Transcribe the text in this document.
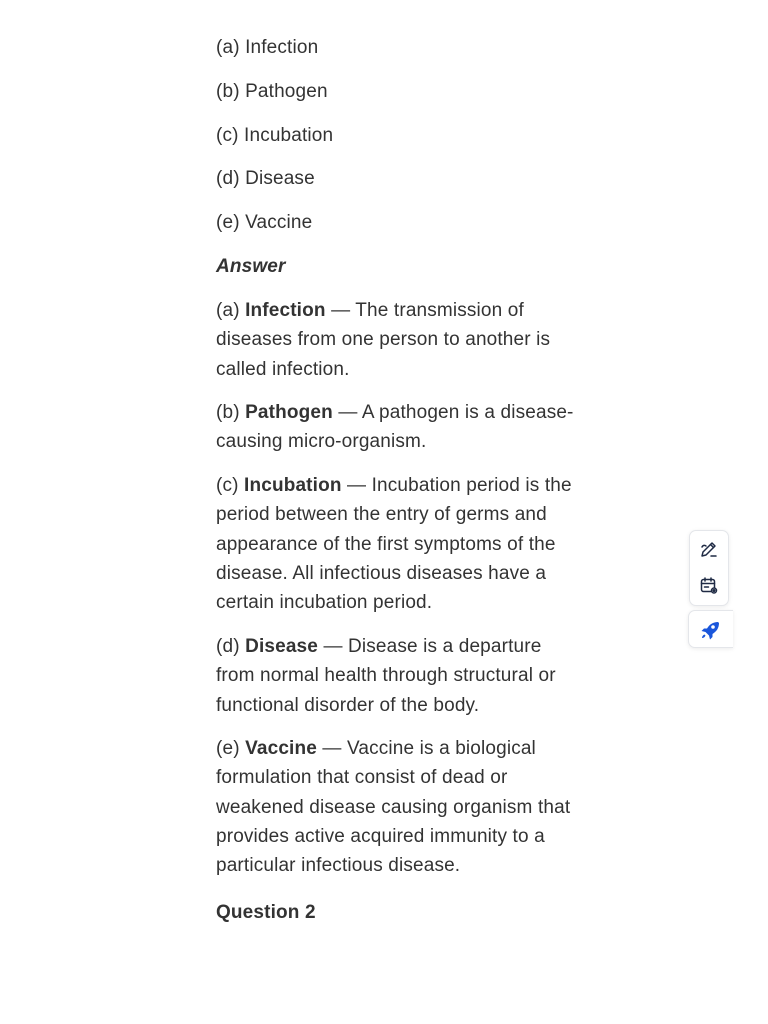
(a) Infection

(b) Pathogen

(c) Incubation

(d) Disease

(e) Vaccine

Answer

(a) Infection — The transmission of diseases from one person to another is called infection.

(b) Pathogen — A pathogen is a disease-causing micro-organism.

(c) Incubation — Incubation period is the period between the entry of germs and appearance of the first symptoms of the disease. All infectious diseases have a certain incubation period.

(d) Disease — Disease is a departure from normal health through structural or functional disorder of the body.

(e) Vaccine — Vaccine is a biological formulation that consist of dead or weakened disease causing organism that provides active acquired immunity to a particular infectious disease.

Question 2
